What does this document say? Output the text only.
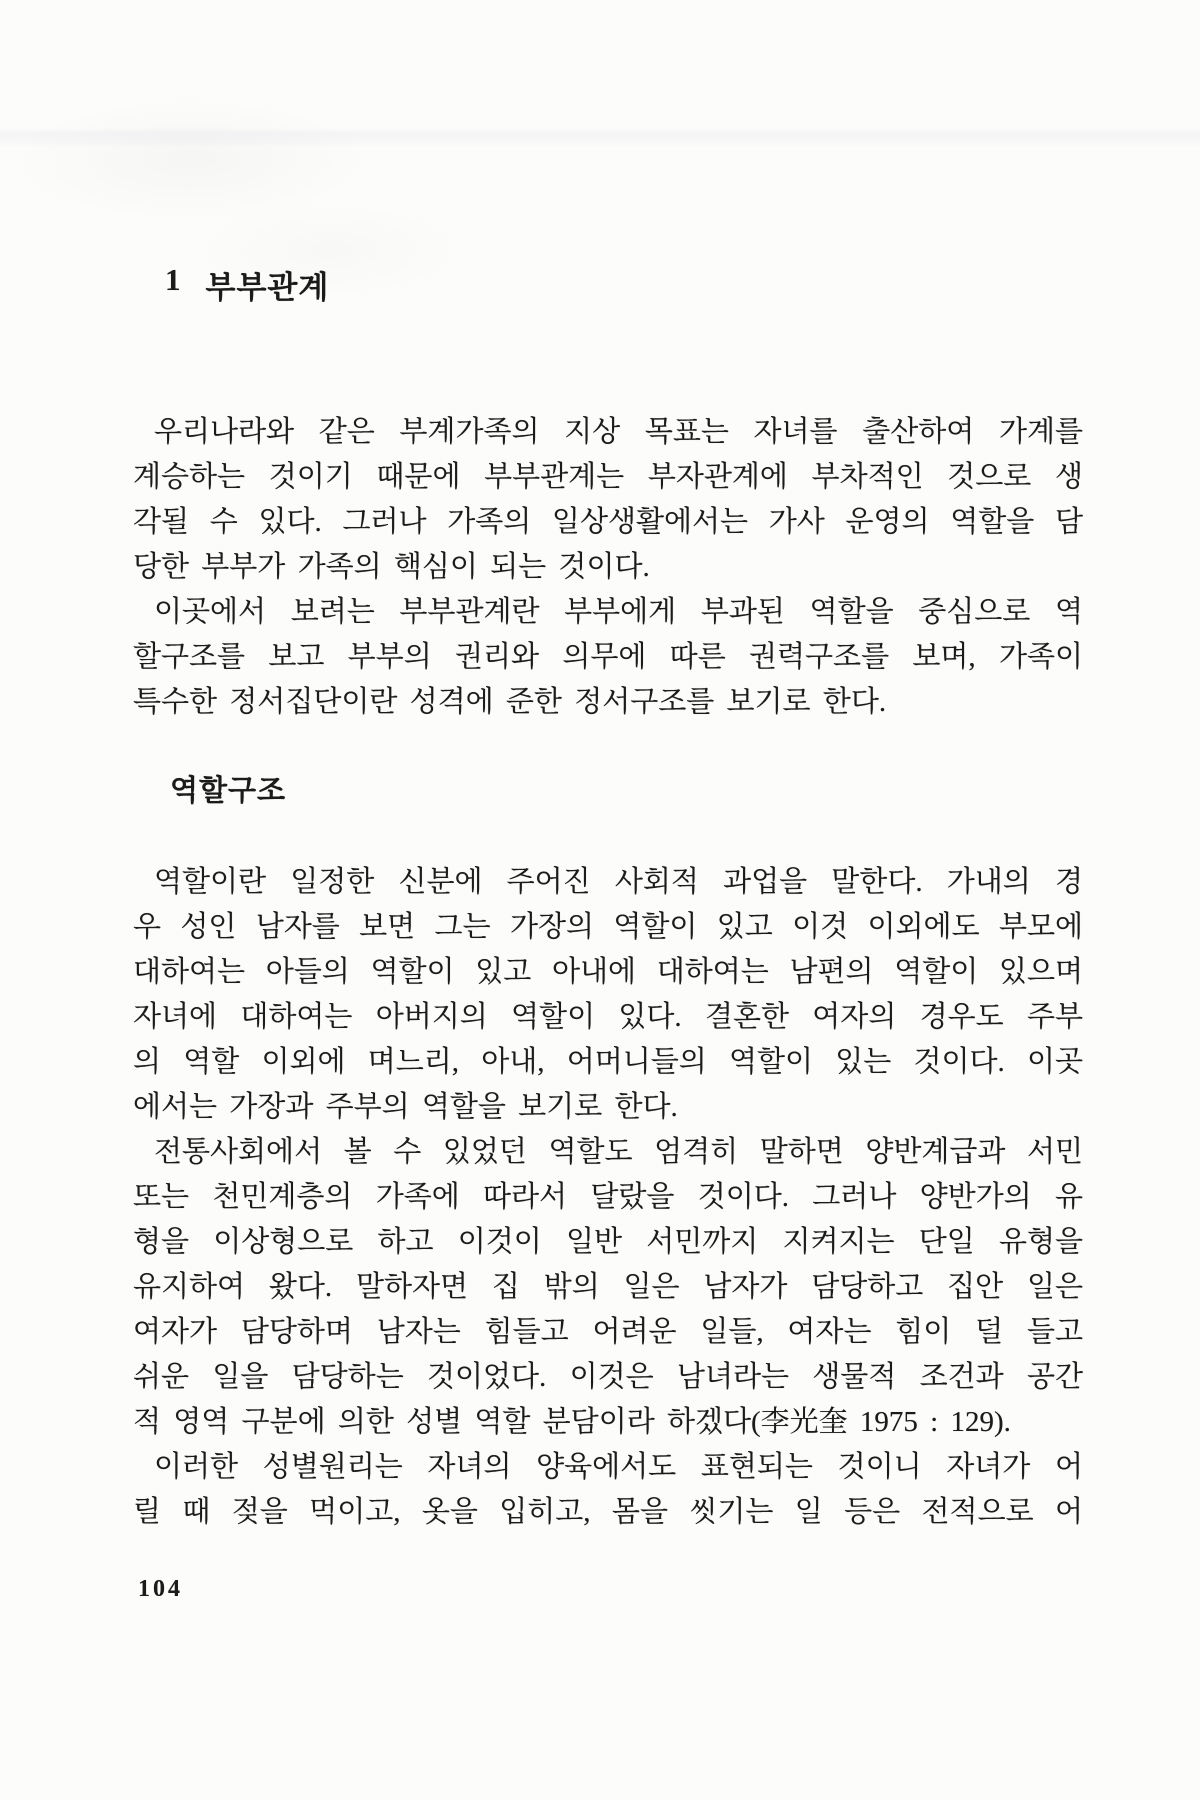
1 부부관계
우리나라와 같은 부계가족의 지상 목표는 자녀를 출산하여 가계를
계승하는 것이기 때문에 부부관계는 부자관계에 부차적인 것으로 생
각될 수 있다. 그러나 가족의 일상생활에서는 가사 운영의 역할을 담
당한 부부가 가족의 핵심이 되는 것이다.
이곳에서 보려는 부부관계란 부부에게 부과된 역할을 중심으로 역
할구조를 보고 부부의 권리와 의무에 따른 권력구조를 보며, 가족이
특수한 정서집단이란 성격에 준한 정서구조를 보기로 한다.
역할구조
역할이란 일정한 신분에 주어진 사회적 과업을 말한다. 가내의 경
우 성인 남자를 보면 그는 가장의 역할이 있고 이것 이외에도 부모에
대하여는 아들의 역할이 있고 아내에 대하여는 남편의 역할이 있으며
자녀에 대하여는 아버지의 역할이 있다. 결혼한 여자의 경우도 주부
의 역할 이외에 며느리, 아내, 어머니들의 역할이 있는 것이다. 이곳
에서는 가장과 주부의 역할을 보기로 한다.
전통사회에서 볼 수 있었던 역할도 엄격히 말하면 양반계급과 서민
또는 천민계층의 가족에 따라서 달랐을 것이다. 그러나 양반가의 유
형을 이상형으로 하고 이것이 일반 서민까지 지켜지는 단일 유형을
유지하여 왔다. 말하자면 집 밖의 일은 남자가 담당하고 집안 일은
여자가 담당하며 남자는 힘들고 어려운 일들, 여자는 힘이 덜 들고
쉬운 일을 담당하는 것이었다. 이것은 남녀라는 생물적 조건과 공간
적 영역 구분에 의한 성별 역할 분담이라 하겠다(李光奎 1975 : 129).
이러한 성별원리는 자녀의 양육에서도 표현되는 것이니 자녀가 어
릴 때 젖을 먹이고, 옷을 입히고, 몸을 씻기는 일 등은 전적으로 어
104
